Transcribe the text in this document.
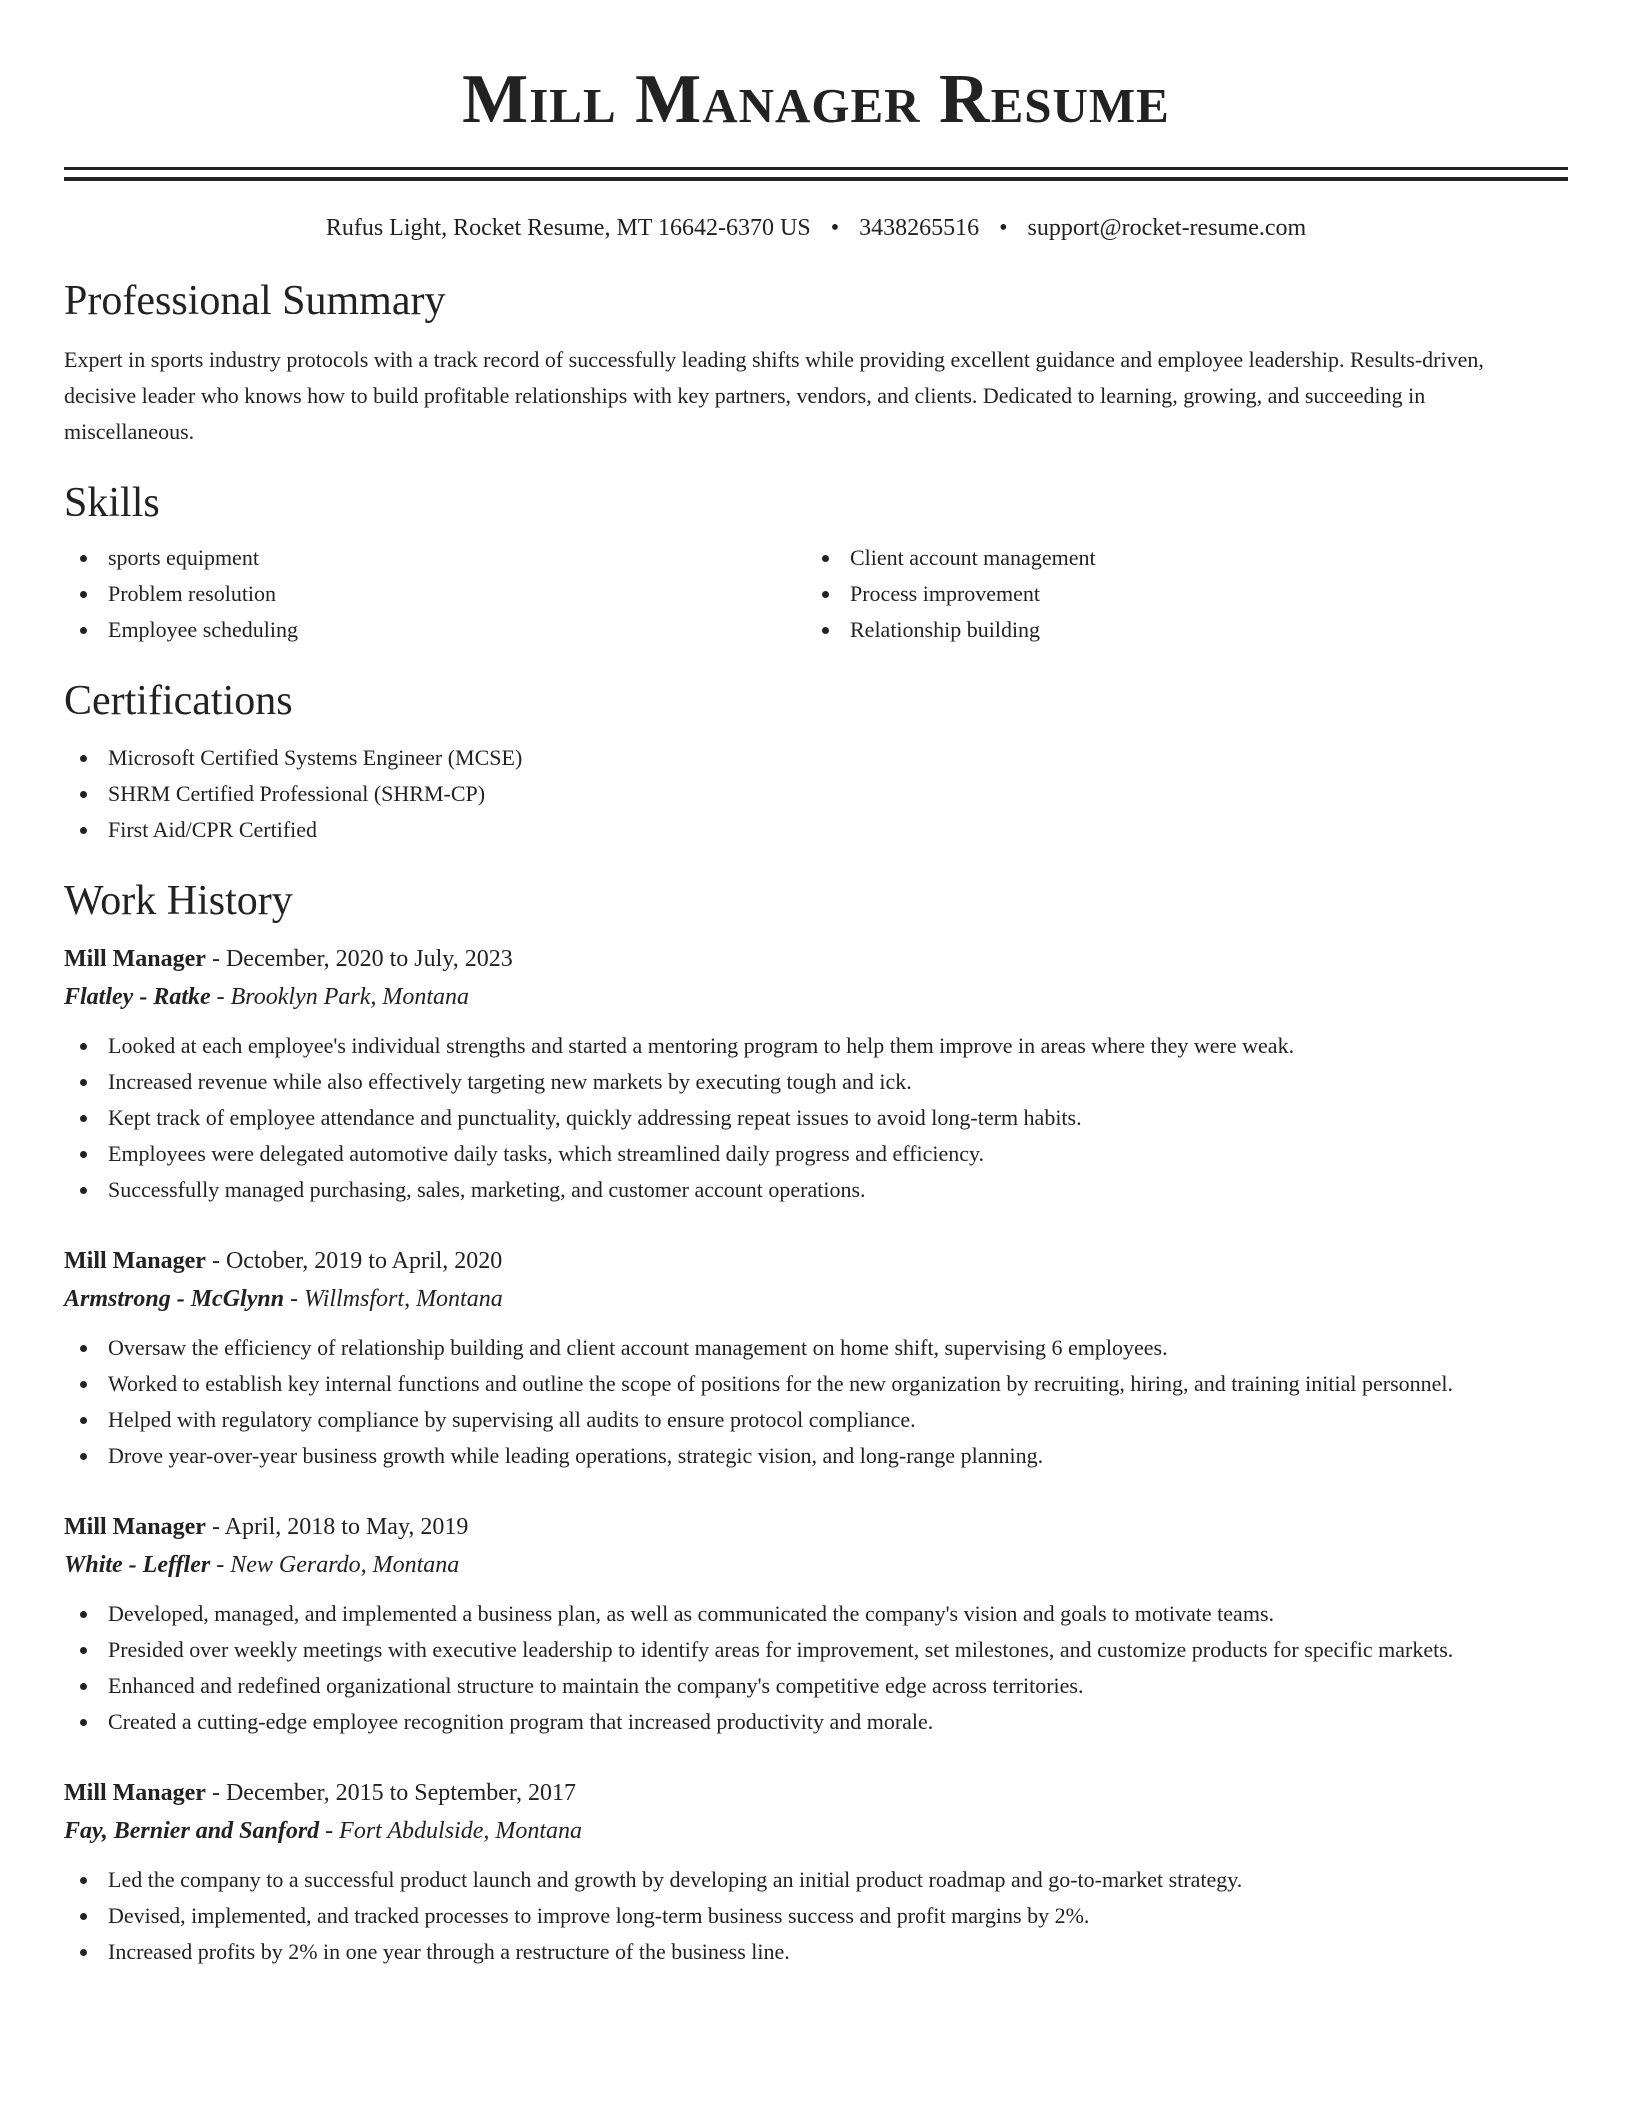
Mill Manager Resume
Rufus Light, Rocket Resume, MT 16642-6370 US • 3438265516 • support@rocket-resume.com
Professional Summary
Expert in sports industry protocols with a track record of successfully leading shifts while providing excellent guidance and employee leadership. Results-driven, decisive leader who knows how to build profitable relationships with key partners, vendors, and clients. Dedicated to learning, growing, and succeeding in miscellaneous.
Skills
sports equipment
Problem resolution
Employee scheduling
Client account management
Process improvement
Relationship building
Certifications
Microsoft Certified Systems Engineer (MCSE)
SHRM Certified Professional (SHRM-CP)
First Aid/CPR Certified
Work History
Mill Manager - December, 2020 to July, 2023
Flatley - Ratke - Brooklyn Park, Montana
Looked at each employee's individual strengths and started a mentoring program to help them improve in areas where they were weak.
Increased revenue while also effectively targeting new markets by executing tough and ick.
Kept track of employee attendance and punctuality, quickly addressing repeat issues to avoid long-term habits.
Employees were delegated automotive daily tasks, which streamlined daily progress and efficiency.
Successfully managed purchasing, sales, marketing, and customer account operations.
Mill Manager - October, 2019 to April, 2020
Armstrong - McGlynn - Willmsfort, Montana
Oversaw the efficiency of relationship building and client account management on home shift, supervising 6 employees.
Worked to establish key internal functions and outline the scope of positions for the new organization by recruiting, hiring, and training initial personnel.
Helped with regulatory compliance by supervising all audits to ensure protocol compliance.
Drove year-over-year business growth while leading operations, strategic vision, and long-range planning.
Mill Manager - April, 2018 to May, 2019
White - Leffler - New Gerardo, Montana
Developed, managed, and implemented a business plan, as well as communicated the company's vision and goals to motivate teams.
Presided over weekly meetings with executive leadership to identify areas for improvement, set milestones, and customize products for specific markets.
Enhanced and redefined organizational structure to maintain the company's competitive edge across territories.
Created a cutting-edge employee recognition program that increased productivity and morale.
Mill Manager - December, 2015 to September, 2017
Fay, Bernier and Sanford - Fort Abdulside, Montana
Led the company to a successful product launch and growth by developing an initial product roadmap and go-to-market strategy.
Devised, implemented, and tracked processes to improve long-term business success and profit margins by 2%.
Increased profits by 2% in one year through a restructure of the business line.
